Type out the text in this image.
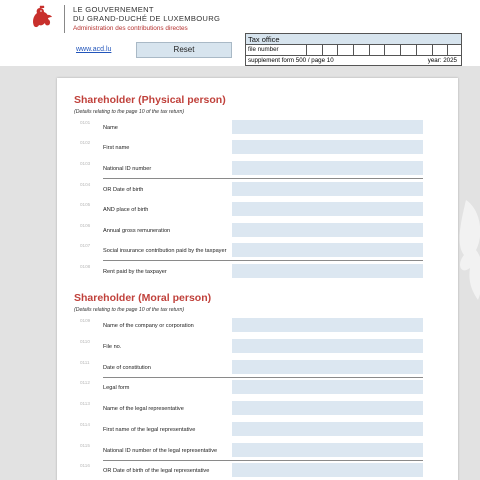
LE GOUVERNEMENT
DU GRAND-DUCHÉ DE LUXEMBOURG
Administration des contributions directes
www.acd.lu	Reset
Tax office
file number
supplement form 500 / page 10	year: 2025
Shareholder (Physical person)
(Details relating to the page 10 of the tax return)
0101
Name
0102
First name
0103
National ID number
0104
OR Date of birth
0105
AND place of birth
0106
Annual gross remuneration
0107
Social insurance contribution paid by the taxpayer
0108
Rent paid by the taxpayer
Shareholder (Moral person)
(Details relating to the page 10 of the tax return)
0109
Name of the company or corporation
0110
File no.
0111
Date of constitution
0112
Legal form
0113
Name of the legal representative
0114
First name of the legal representative
0115
National ID number of the legal representative
0116
OR Date of birth of the legal representative
